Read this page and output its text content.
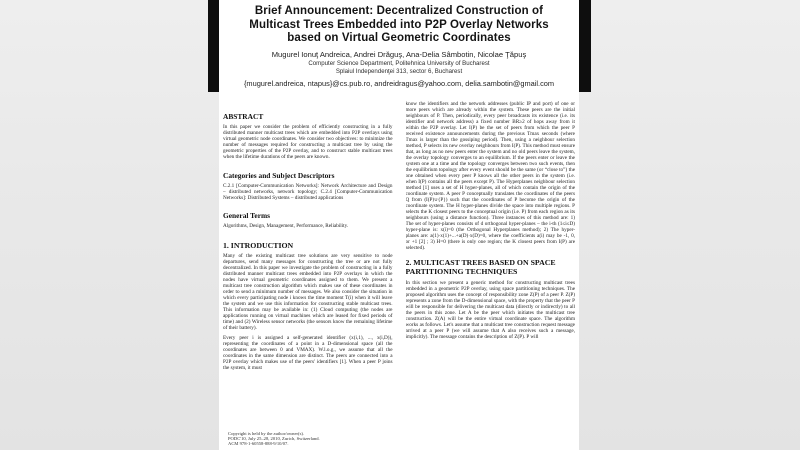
Brief Announcement: Decentralized Construction of
Multicast Trees Embedded into P2P Overlay Networks
based on Virtual Geometric Coordinates
Mugurel Ionuţ Andreica, Andrei Drăguş, Ana-Delia Sâmbotin, Nicolae Ţăpuş
Computer Science Department, Politehnica University of Bucharest
Splaiul Independenţei 313, sector 6, Bucharest
{mugurel.andreica, ntapus}@cs.pub.ro, andreidragus@yahoo.com, delia.sambotin@gmail.com
ABSTRACT

In this paper we consider the problem of efficiently constructing in a fully distributed manner multicast trees which are embedded into P2P overlays using virtual geometric node coordinates. We consider two objectives: to minimize the number of messages required for constructing a multicast tree by using the geometric properties of the P2P overlay, and to construct stable multicast trees when the lifetime durations of the peers are known.

Categories and Subject Descriptors

C.2.1 [Computer-Communication Networks]: Network Architecture and Design – distributed networks, network topology; C.2.4 [Computer-Communication Networks]: Distributed Systems – distributed applications

General Terms

Algorithms, Design, Management, Performance, Reliability.

1. INTRODUCTION

Many of the existing multicast tree solutions are very sensitive to node departures, send many messages for constructing the tree or are not fully decentralized. In this paper we investigate the problem of constructing in a fully distributed manner multicast trees embedded into P2P overlays in which the nodes have virtual geometric coordinates assigned to them. We present a multicast tree construction algorithm which makes use of these coordinates in order to send a minimum number of messages. We also consider the situation in which every participating node i knows the time moment T(i) when it will leave the system and we use this information for constructing stable multicast trees. This information may be available in: (1) Cloud computing (the nodes are applications running on virtual machines which are leased for fixed periods of time) and (2) Wireless sensor networks (the sensors know the remaining lifetime of their battery).

Every peer i is assigned a self-generated identifier (x(i,1), ..., x(i,D)), representing the coordinates of a point in a D-dimensional space (all the coordinates are between 0 and VMAX). W.l.o.g., we assume that all the coordinates in the same dimension are distinct. The peers are connected into a P2P overlay which makes use of the peers' identifiers [1]. When a peer P joins the system, it must

Copyright is held by the author/owner(s).
PODC'10, July 25–28, 2010, Zurich, Switzerland.
ACM 978-1-60558-888-9/10/07.

know the identifiers and the network addresses (public IP and port) of one or more peers which are already within the system. These peers are the initial neighbours of P. Then, periodically, every peer broadcasts its existence (i.e. its identifier and network address) a fixed number BR≥2 of hops away from it within the P2P overlay. Let I(P) be the set of peers from which the peer P received existence announcements during the previous Tmax seconds (where Tmax is larger than the gossiping period). Then, using a neighbour selection method, P selects its new overlay neighbours from I(P). This method must ensure that, as long as no new peers enter the system and no old peers leave the system, the overlay topology converges to an equilibrium. If the peers enter or leave the system one at a time and the topology converges between two such events, then the equilibrium topology after every event should be the same (or “close to”) the one obtained when every peer P knows all the other peers in the system (i.e. when I(P) contains all the peers except P). The Hyperplanes neighbour selection method [1] uses a set of H hyper-planes, all of which contain the origin of the coordinate system. A peer P conceptually translates the coordinates of the peers Q from (I(P)∪{P}) such that the coordinates of P become the origin of the coordinate system. The H hyper-planes divide the space into multiple regions. P selects the K closest peers to the conceptual origin (i.e. P) from each region as its neighbours (using a distance function). Three instances of this method are: 1) The set of hyper-planes consists of d orthogonal hyper-planes – the i-th (1≤i≤D) hyper-plane is: x(i)=0 (the Orthogonal Hyperplanes method); 2) The hyper-planes are: a(1)·x(1)+...+a(D)·x(D)=0, where the coefficients a(i) may be -1, 0, or +1 [2] ; 3) H=0 (there is only one region; the K closest peers from I(P) are selected).

2. MULTICAST TREES BASED ON SPACE PARTITIONING TECHNIQUES

In this section we present a generic method for constructing multicast trees embedded in a geometric P2P overlay, using space partitioning techniques. The proposed algorithm uses the concept of responsibility zone Z(P) of a peer P. Z(P) represents a zone from the D-dimensional space, with the property that the peer P will be responsible for delivering the multicast data (directly or indirectly) to all the peers in this zone. Let A be the peer which initiates the multicast tree construction. Z(A) will be the entire virtual coordinate space. The algorithm works as follows. Let's assume that a multicast tree construction request message arrived at a peer P (we will assume that A also receives such a message, implicitly). The message contains the description of Z(P). P will
